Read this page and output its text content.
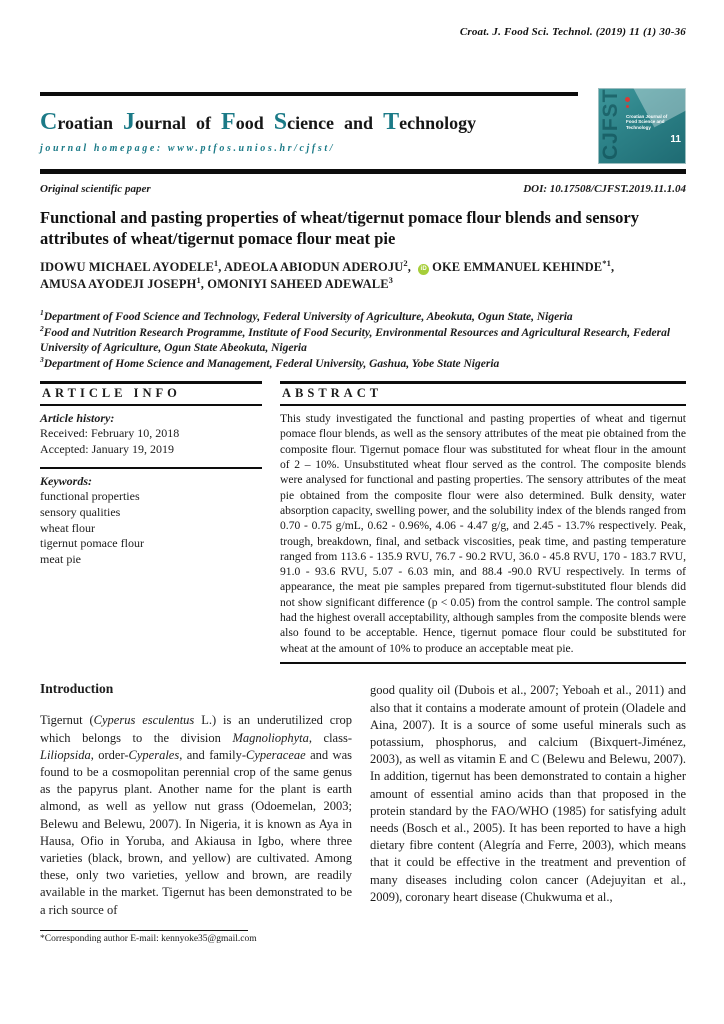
Croat. J. Food Sci. Technol. (2019) 11 (1) 30-36
Croatian Journal of Food Science and Technology
journal homepage: www.ptfos.unios.hr/cjfst/	CJFST Croatian Journal of Food Science and Technology
11
Original scientific paper	DOI: 10.17508/CJFST.2019.11.1.04
Functional and pasting properties of wheat/tigernut pomace flour blends and sensory attributes of wheat/tigernut pomace flour meat pie
IDOWU MICHAEL AYODELE$^1$, ADEOLA ABIODUN ADEROJU$^2$, iD OKE EMMANUEL KEHINDE$^{*1}$,
AMUSA AYODEJI JOSEPH$^1$, OMONIYI SAHEED ADEWALE$^3$
$^1$Department of Food Science and Technology, Federal University of Agriculture, Abeokuta, Ogun State, Nigeria
$^2$Food and Nutrition Research Programme, Institute of Food Security, Environmental Resources and Agricultural Research, Federal University of Agriculture, Ogun State Abeokuta, Nigeria
$^3$Department of Home Science and Management, Federal University, Gashua, Yobe State Nigeria
ARTICLE INFO
Article history:
Received: February 10, 2018
Accepted: January 19, 2019
Keywords:
functional properties
sensory qualities
wheat flour
tigernut pomace flour
meat pie
ABSTRACT
This study investigated the functional and pasting properties of wheat and tigernut pomace flour blends, as well as the sensory attributes of the meat pie obtained from the composite flour. Tigernut pomace flour was substituted for wheat flour in the amount of 2 – 10%. Unsubstituted wheat flour served as the control. The composite blends were analysed for functional and pasting properties. The sensory attributes of the meat pie obtained from the composite flour were also determined. Bulk density, water absorption capacity, swelling power, and the solubility index of the blends ranged from 0.70 - 0.75 g/mL, 0.62 - 0.96%, 4.06 - 4.47 g/g, and 2.45 - 13.7% respectively. Peak, trough, breakdown, final, and setback viscosities, peak time, and pasting temperature ranged from 113.6 - 135.9 RVU, 76.7 - 90.2 RVU, 36.0 - 45.8 RVU, 170 - 183.7 RVU, 91.0 - 93.6 RVU, 5.07 - 6.03 min, and 88.4 -90.0 RVU respectively. In terms of appearance, the meat pie samples prepared from tigernut-substituted flour blends did not show significant difference (p < 0.05) from the control sample. The control sample had the highest overall acceptability, although samples from the composite blends were also found to be acceptable. Hence, tigernut pomace flour could be substituted for wheat at the amount of 10% to produce an acceptable meat pie.
Introduction
Tigernut (Cyperus esculentus L.) is an underutilized crop which belongs to the division Magnoliophyta, class-Liliopsida, order-Cyperales, and family-Cyperaceae and was found to be a cosmopolitan perennial crop of the same genus as the papyrus plant. Another name for the plant is earth almond, as well as yellow nut grass (Odoemelan, 2003; Belewu and Belewu, 2007). In Nigeria, it is known as Aya in Hausa, Ofio in Yoruba, and Akiausa in Igbo, where three varieties (black, brown, and yellow) are cultivated. Among these, only two varieties, yellow and brown, are readily available in the market. Tigernut has been demonstrated to be a rich source of
*Corresponding author E-mail: kennyoke35@gmail.com
good quality oil (Dubois et al., 2007; Yeboah et al., 2011) and also that it contains a moderate amount of protein (Oladele and Aina, 2007). It is a source of some useful minerals such as potassium, phosphorus, and calcium (Bixquert-Jiménez, 2003), as well as vitamin E and C (Belewu and Belewu, 2007). In addition, tigernut has been demonstrated to contain a higher amount of essential amino acids than that proposed in the protein standard by the FAO/WHO (1985) for satisfying adult needs (Bosch et al., 2005). It has been reported to have a high dietary fibre content (Alegría and Ferre, 2003), which means that it could be effective in the treatment and prevention of many diseases including colon cancer (Adejuyitan et al., 2009), coronary heart disease (Chukwuma et al.,
